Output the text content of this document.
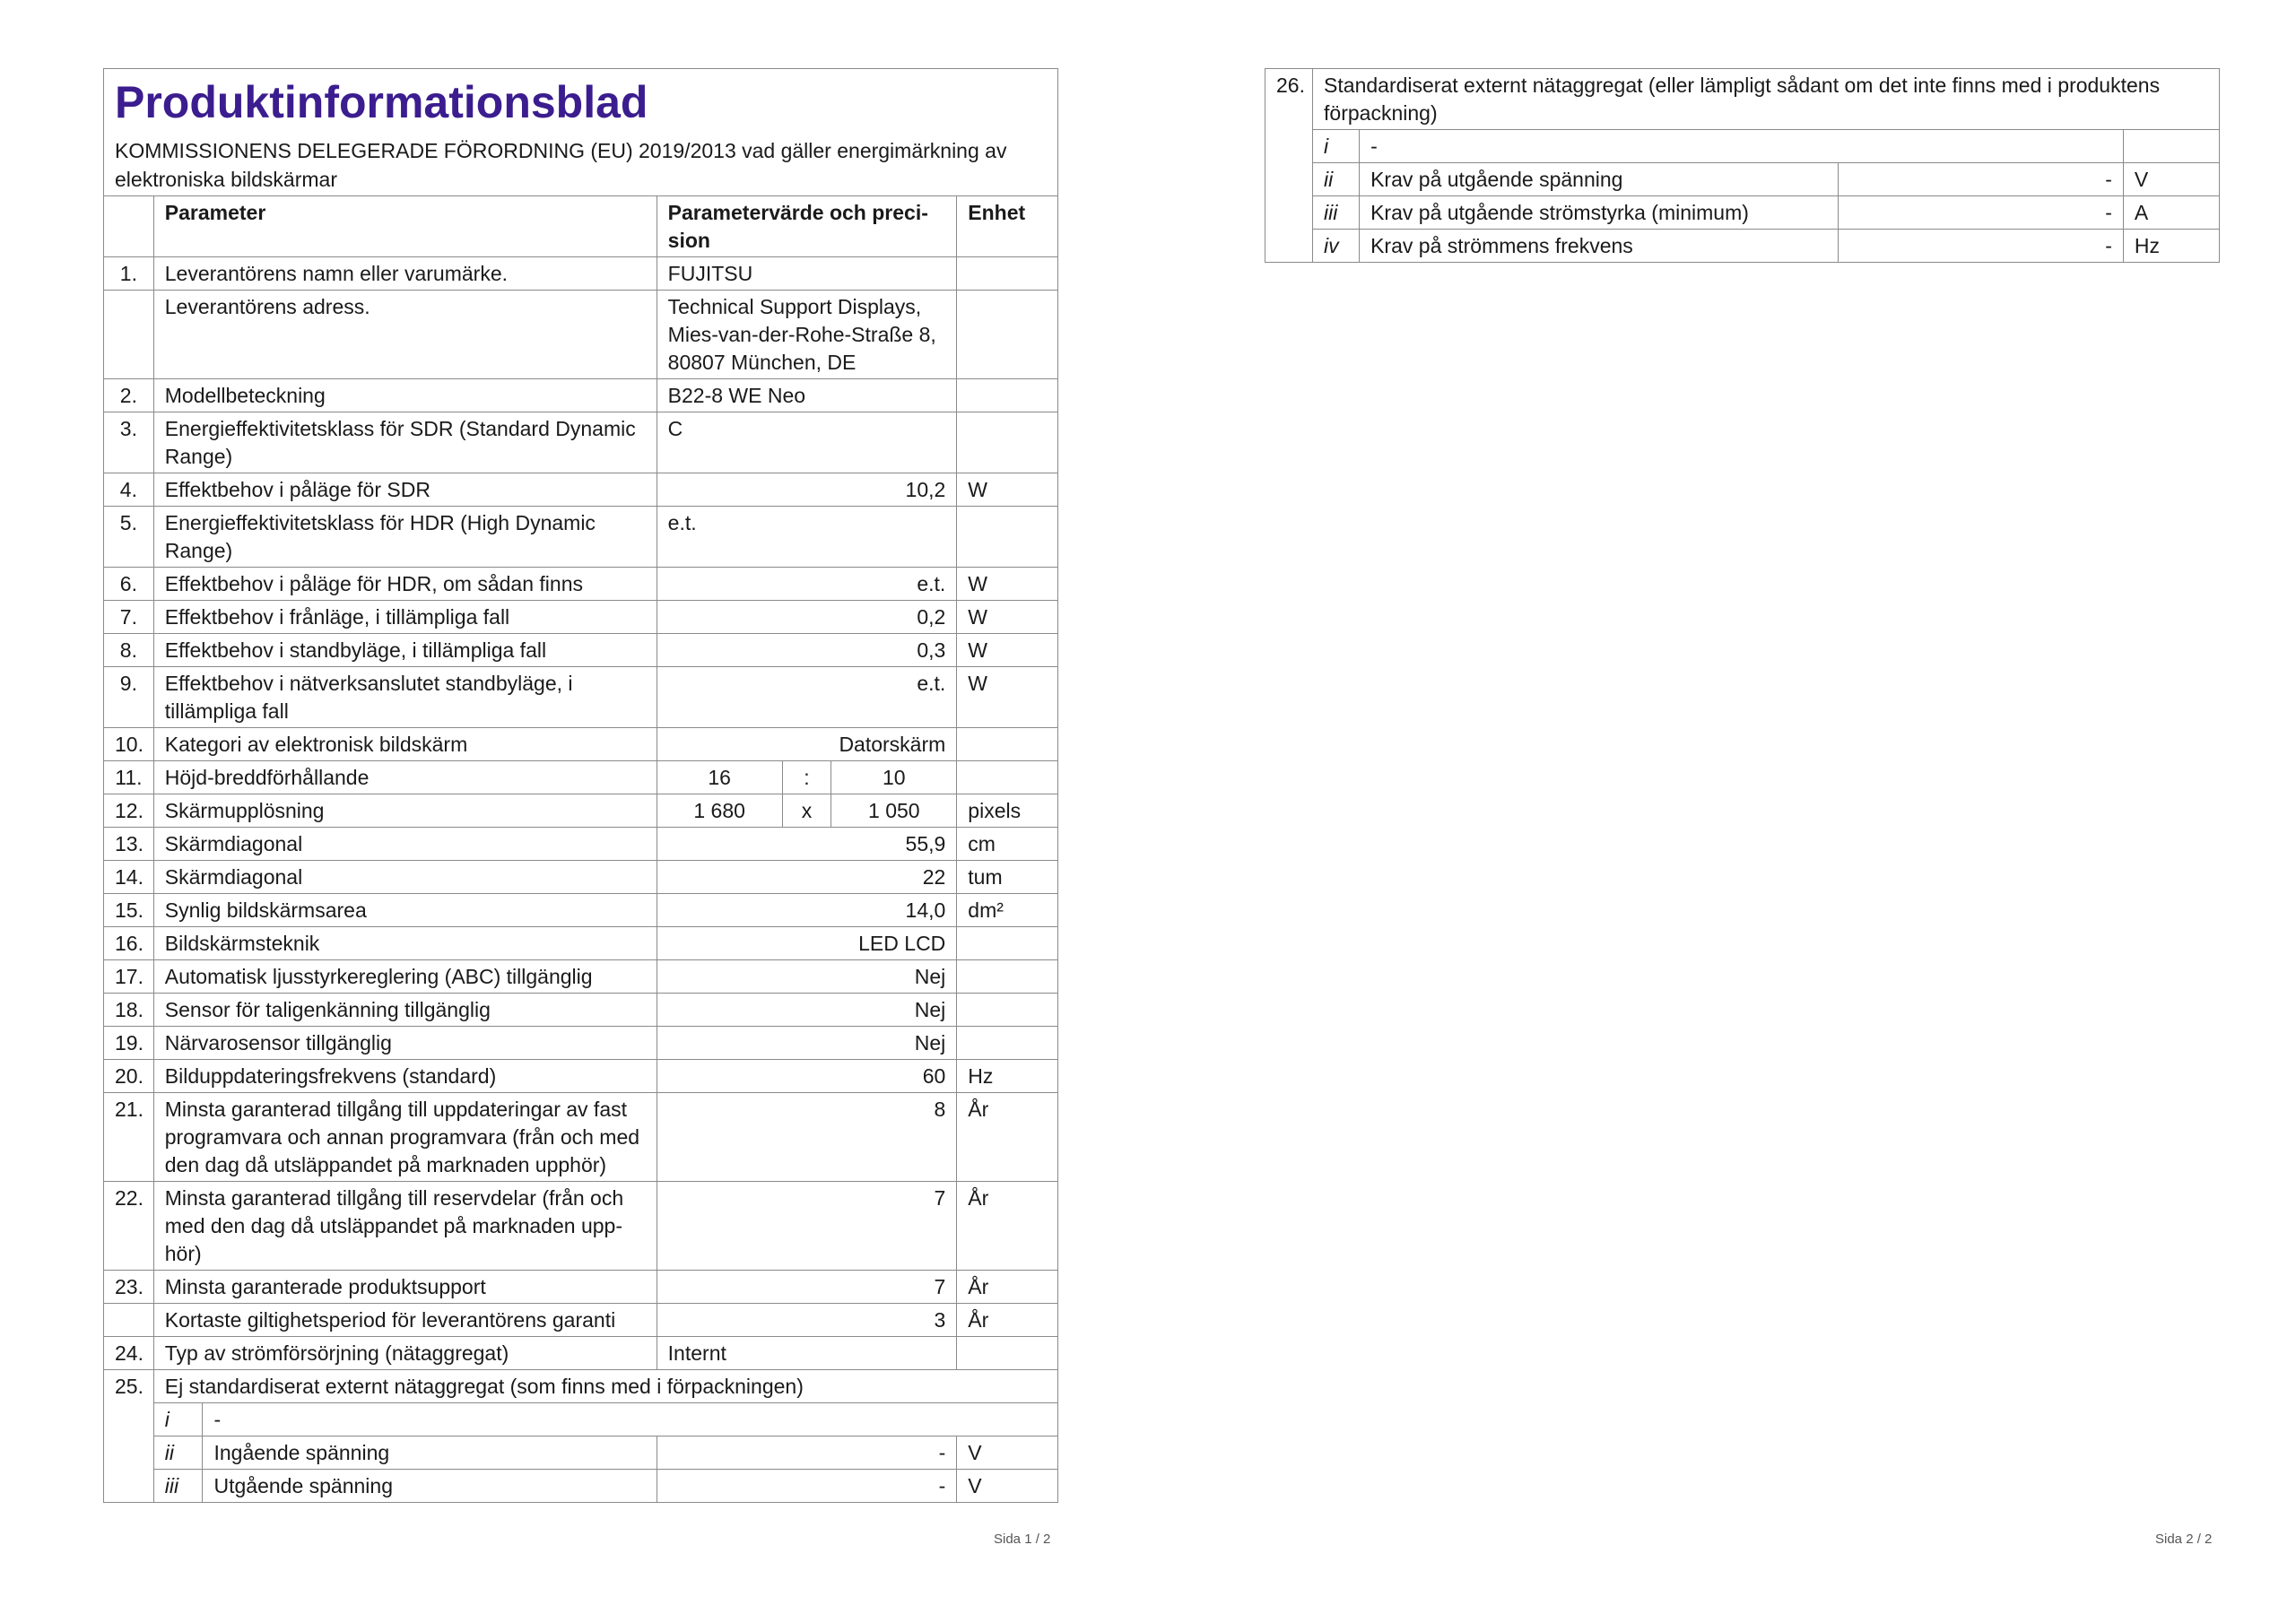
Produktinformationsblad
KOMMISSIONENS DELEGERADE FÖRORDNING (EU) 2019/2013 vad gäller energimärkning av elektroniska bildskärmar						

	Parameter		Parametervärde och preci-sion			Enhet
1.	Leverantörens namn eller varumärke.		FUJITSU			
	Leverantörens adress.		Technical Support Displays, Mies-van-der-Rohe-Straße 8, 80807 München, DE			
2.	Modellbeteckning		B22-8 WE Neo			
3.	Energieffektivitetsklass för SDR (Standard Dynamic Range)		C			
4.	Effektbehov i påläge för SDR		10,2			W
5.	Energieffektivitetsklass för HDR (High Dynamic Range)		e.t.			
6.	Effektbehov i påläge för HDR, om sådan finns		e.t.			W
7.	Effektbehov i frånläge, i tillämpliga fall		0,2			W
8.	Effektbehov i standbyläge, i tillämpliga fall		0,3			W
9.	Effektbehov i nätverksanslutet standbyläge, i tillämpliga fall		e.t.			W
10.	Kategori av elektronisk bildskärm		Datorskärm			
11.	Höjd-breddförhållande		16	:	10	
12.	Skärmupplösning		1 680	x	1 050	pixels
13.	Skärmdiagonal		55,9			cm
14.	Skärmdiagonal		22			tum
15.	Synlig bildskärmsarea		14,0			dm²
16.	Bildskärmsteknik		LED LCD			
17.	Automatisk ljusstyrkereglering (ABC) tillgänglig		Nej			
18.	Sensor för taligenkänning tillgänglig		Nej			
19.	Närvarosensor tillgänglig		Nej			
20.	Bilduppdateringsfrekvens (standard)		60			Hz
21.	Minsta garanterad tillgång till uppdateringar av fast programvara och annan programvara (från och med den dag då utsläppandet på marknaden upphör)		8			År
22.	Minsta garanterad tillgång till reservdelar (från och med den dag då utsläppandet på marknaden upp-hör)		7			År
23.	Minsta garanterade produktsupport		7			År
	Kortaste giltighetsperiod för leverantörens garanti		3			År
24.	Typ av strömförsörjning (nätaggregat)		Internt			
25.	Ej standardiserat externt nätaggregat (som finns med i förpackningen)					
	i	-				
	ii	Ingående spänning	-			V
	iii	Utgående spänning	-			V
Sida 1 / 2
26.	Standardiserat externt nätaggregat (eller lämpligt sådant om det inte finns med i produktens förpackning)			
	i	-		
	ii	Krav på utgående spänning	-	V
	iii	Krav på utgående strömstyrka (minimum)	-	A
	iv	Krav på strömmens frekvens	-	Hz
Sida 2 / 2
